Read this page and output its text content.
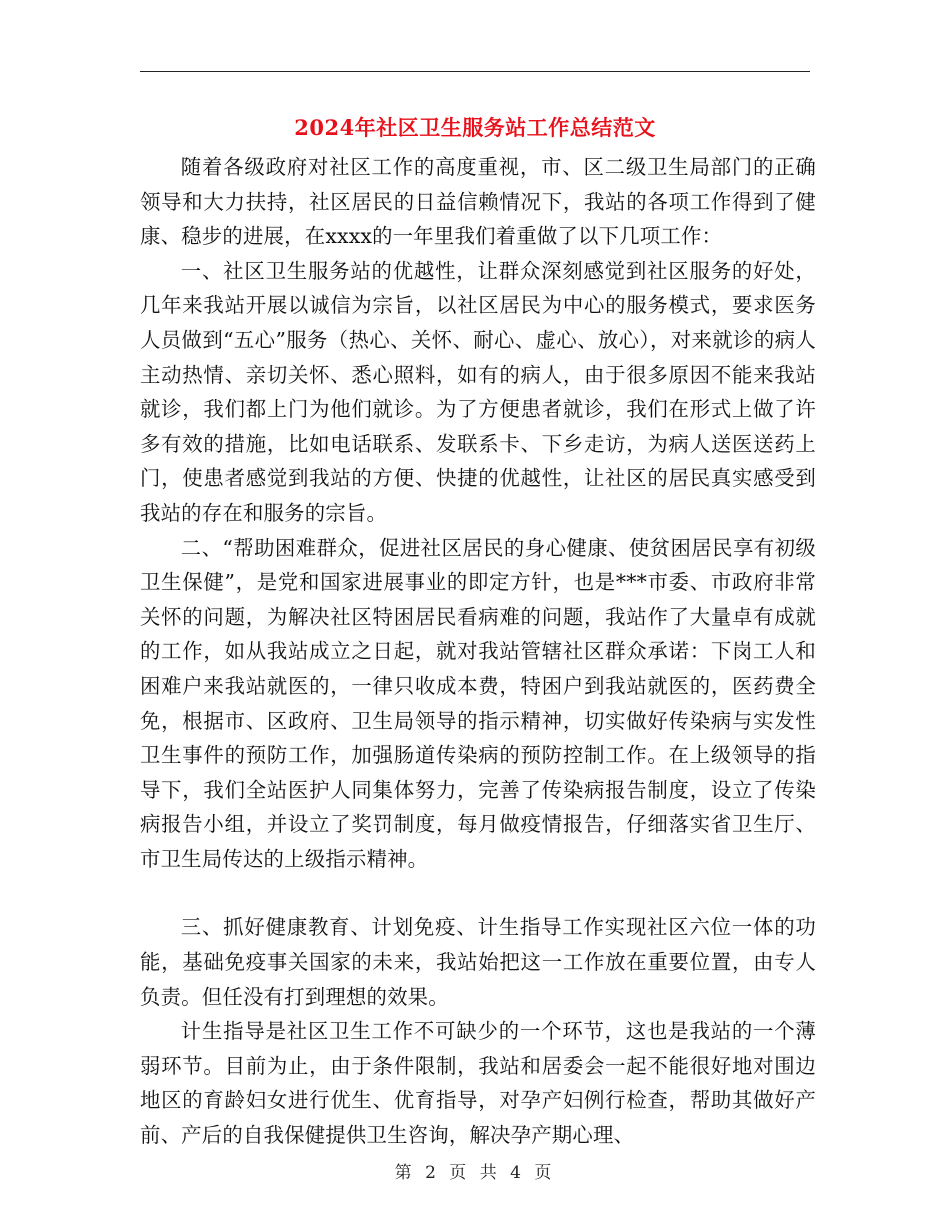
2024年社区卫生服务站工作总结范文

随着各级政府对社区工作的高度重视，市、区二级卫生局部门的正确领导和大力扶持，社区居民的日益信赖情况下，我站的各项工作得到了健康、稳步的进展，在xxxx的一年里我们着重做了以下几项工作：

一、社区卫生服务站的优越性，让群众深刻感觉到社区服务的好处，几年来我站开展以诚信为宗旨，以社区居民为中心的服务模式，要求医务人员做到“五心”服务（热心、关怀、耐心、虚心、放心），对来就诊的病人主动热情、亲切关怀、悉心照料，如有的病人，由于很多原因不能来我站就诊，我们都上门为他们就诊。为了方便患者就诊，我们在形式上做了许多有效的措施，比如电话联系、发联系卡、下乡走访，为病人送医送药上门，使患者感觉到我站的方便、快捷的优越性，让社区的居民真实感受到我站的存在和服务的宗旨。

二、“帮助困难群众，促进社区居民的身心健康、使贫困居民享有初级卫生保健”，是党和国家进展事业的即定方针，也是***市委、市政府非常关怀的问题，为解决社区特困居民看病难的问题，我站作了大量卓有成就的工作，如从我站成立之日起，就对我站管辖社区群众承诺：下岗工人和困难户来我站就医的，一律只收成本费，特困户到我站就医的，医药费全免，根据市、区政府、卫生局领导的指示精神，切实做好传染病与实发性卫生事件的预防工作，加强肠道传染病的预防控制工作。在上级领导的指导下，我们全站医护人同集体努力，完善了传染病报告制度，设立了传染病报告小组，并设立了奖罚制度，每月做疫情报告，仔细落实省卫生厅、市卫生局传达的上级指示精神。

三、抓好健康教育、计划免疫、计生指导工作实现社区六位一体的功能，基础免疫事关国家的未来，我站始把这一工作放在重要位置，由专人负责。但任没有打到理想的效果。

计生指导是社区卫生工作不可缺少的一个环节，这也是我站的一个薄弱环节。目前为止，由于条件限制，我站和居委会一起不能很好地对围边地区的育龄妇女进行优生、优育指导，对孕产妇例行检查，帮助其做好产前、产后的自我保健提供卫生咨询，解决孕产期心理、

第 2 页 共 4 页
